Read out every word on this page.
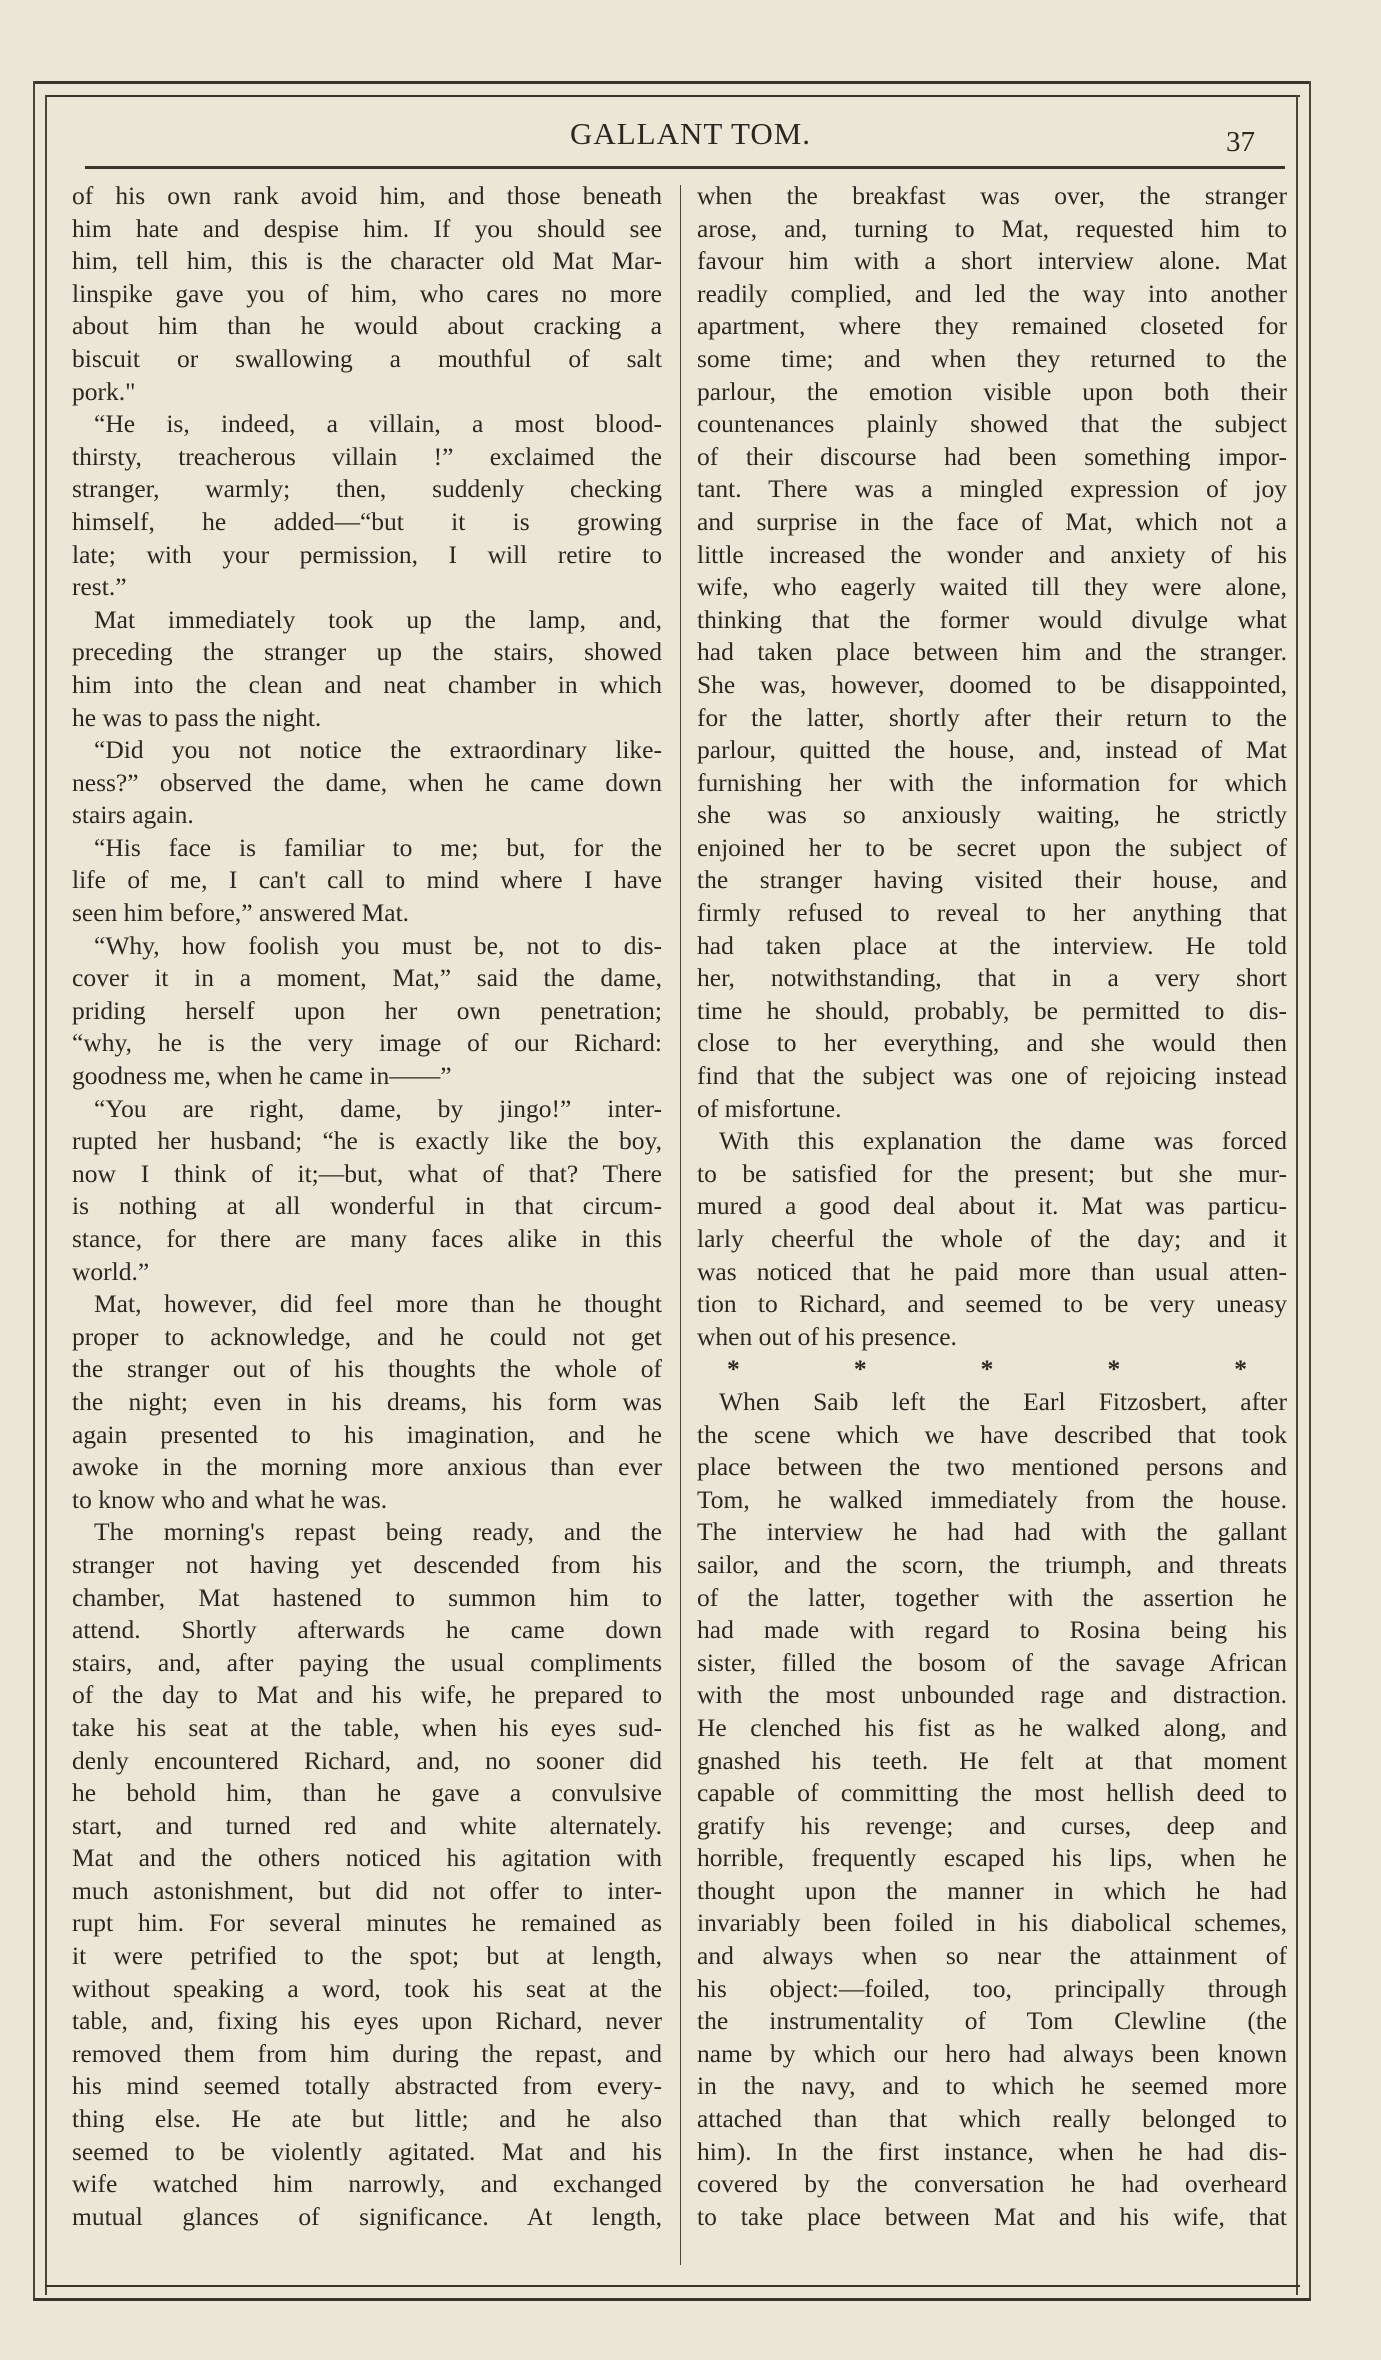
GALLANT TOM.	37
of his own rank avoid him, and those beneath
him hate and despise him. If you should see
him, tell him, this is the character old Mat Mar-
linspike gave you of him, who cares no more
about him than he would about cracking a
biscuit or swallowing a mouthful of salt
pork."
“He is, indeed, a villain, a most blood-
thirsty, treacherous villain !” exclaimed the
stranger, warmly; then, suddenly checking
himself, he added—“but it is growing
late; with your permission, I will retire to
rest.”
Mat immediately took up the lamp, and,
preceding the stranger up the stairs, showed
him into the clean and neat chamber in which
he was to pass the night.
“Did you not notice the extraordinary like-
ness?” observed the dame, when he came down
stairs again.
“His face is familiar to me; but, for the
life of me, I can't call to mind where I have
seen him before,” answered Mat.
“Why, how foolish you must be, not to dis-
cover it in a moment, Mat,” said the dame,
priding herself upon her own penetration;
“why, he is the very image of our Richard:
goodness me, when he came in——”
“You are right, dame, by jingo!” inter-
rupted her husband; “he is exactly like the boy,
now I think of it;—but, what of that? There
is nothing at all wonderful in that circum-
stance, for there are many faces alike in this
world.”
Mat, however, did feel more than he thought
proper to acknowledge, and he could not get
the stranger out of his thoughts the whole of
the night; even in his dreams, his form was
again presented to his imagination, and he
awoke in the morning more anxious than ever
to know who and what he was.
The morning's repast being ready, and the
stranger not having yet descended from his
chamber, Mat hastened to summon him to
attend. Shortly afterwards he came down
stairs, and, after paying the usual compliments
of the day to Mat and his wife, he prepared to
take his seat at the table, when his eyes sud-
denly encountered Richard, and, no sooner did
he behold him, than he gave a convulsive
start, and turned red and white alternately.
Mat and the others noticed his agitation with
much astonishment, but did not offer to inter-
rupt him. For several minutes he remained as
it were petrified to the spot; but at length,
without speaking a word, took his seat at the
table, and, fixing his eyes upon Richard, never
removed them from him during the repast, and
his mind seemed totally abstracted from every-
thing else. He ate but little; and he also
seemed to be violently agitated. Mat and his
wife watched him narrowly, and exchanged
mutual glances of significance. At length,
when the breakfast was over, the stranger
arose, and, turning to Mat, requested him to
favour him with a short interview alone. Mat
readily complied, and led the way into another
apartment, where they remained closeted for
some time; and when they returned to the
parlour, the emotion visible upon both their
countenances plainly showed that the subject
of their discourse had been something impor-
tant. There was a mingled expression of joy
and surprise in the face of Mat, which not a
little increased the wonder and anxiety of his
wife, who eagerly waited till they were alone,
thinking that the former would divulge what
had taken place between him and the stranger.
She was, however, doomed to be disappointed,
for the latter, shortly after their return to the
parlour, quitted the house, and, instead of Mat
furnishing her with the information for which
she was so anxiously waiting, he strictly
enjoined her to be secret upon the subject of
the stranger having visited their house, and
firmly refused to reveal to her anything that
had taken place at the interview. He told
her, notwithstanding, that in a very short
time he should, probably, be permitted to dis-
close to her everything, and she would then
find that the subject was one of rejoicing instead
of misfortune.
With this explanation the dame was forced
to be satisfied for the present; but she mur-
mured a good deal about it. Mat was particu-
larly cheerful the whole of the day; and it
was noticed that he paid more than usual atten-
tion to Richard, and seemed to be very uneasy
when out of his presence.
* * * * *
When Saib left the Earl Fitzosbert, after
the scene which we have described that took
place between the two mentioned persons and
Tom, he walked immediately from the house.
The interview he had had with the gallant
sailor, and the scorn, the triumph, and threats
of the latter, together with the assertion he
had made with regard to Rosina being his
sister, filled the bosom of the savage African
with the most unbounded rage and distraction.
He clenched his fist as he walked along, and
gnashed his teeth. He felt at that moment
capable of committing the most hellish deed to
gratify his revenge; and curses, deep and
horrible, frequently escaped his lips, when he
thought upon the manner in which he had
invariably been foiled in his diabolical schemes,
and always when so near the attainment of
his object:—foiled, too, principally through
the instrumentality of Tom Clewline (the
name by which our hero had always been known
in the navy, and to which he seemed more
attached than that which really belonged to
him). In the first instance, when he had dis-
covered by the conversation he had overheard
to take place between Mat and his wife, that
